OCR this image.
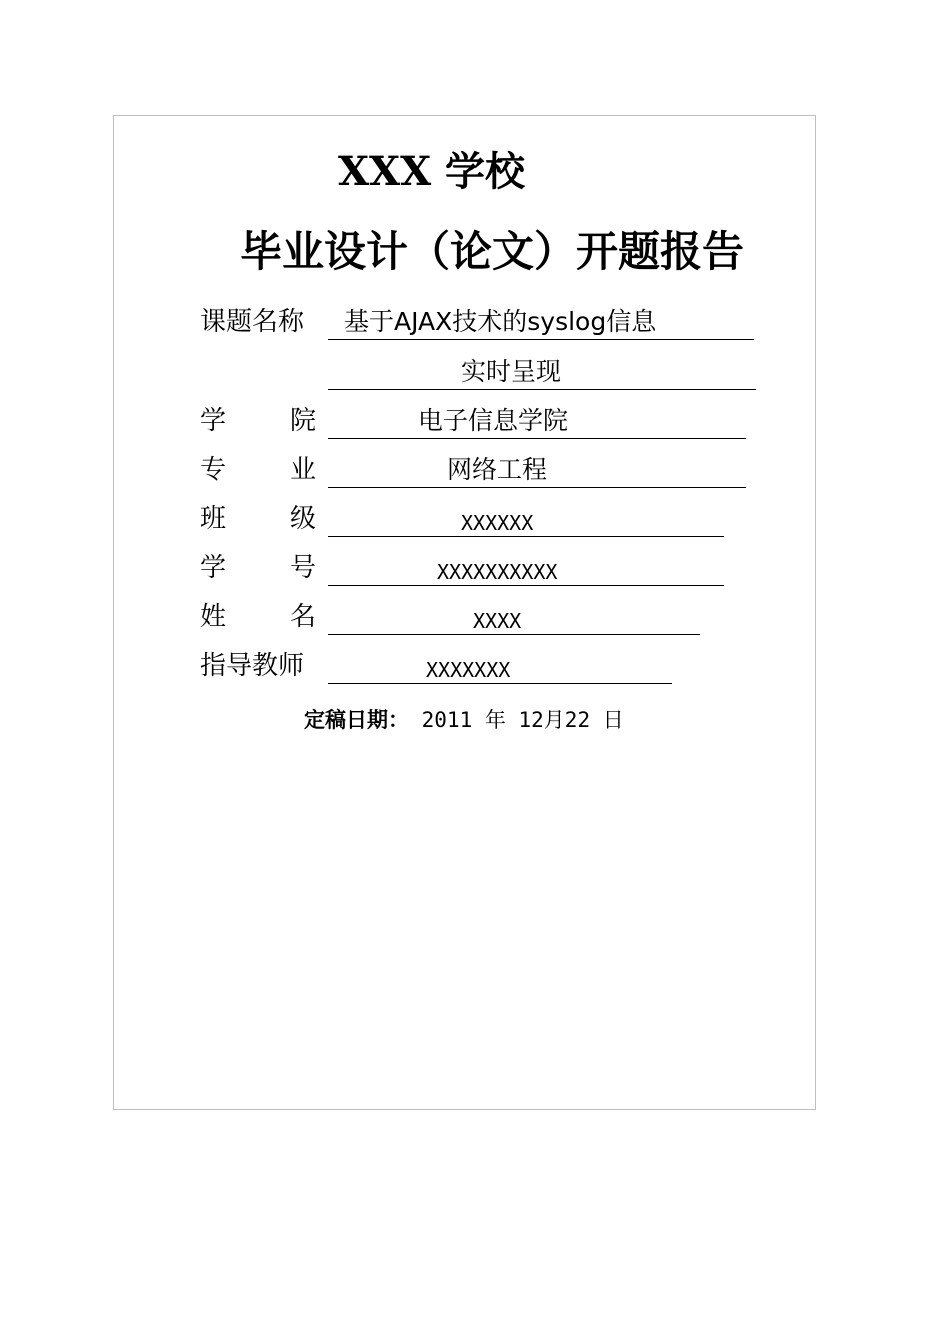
XXX 学校
毕业设计（论文）开题报告
课题名称 基于AJAX技术的syslog信息
实时呈现
学 院	电子信息学院
专 业	网络工程
班 级	XXXXXX
学 号	XXXXXXXXXX
姓 名	XXXX
指导教师	XXXXXXX
定稿日期： 2011 年 12月22 日
